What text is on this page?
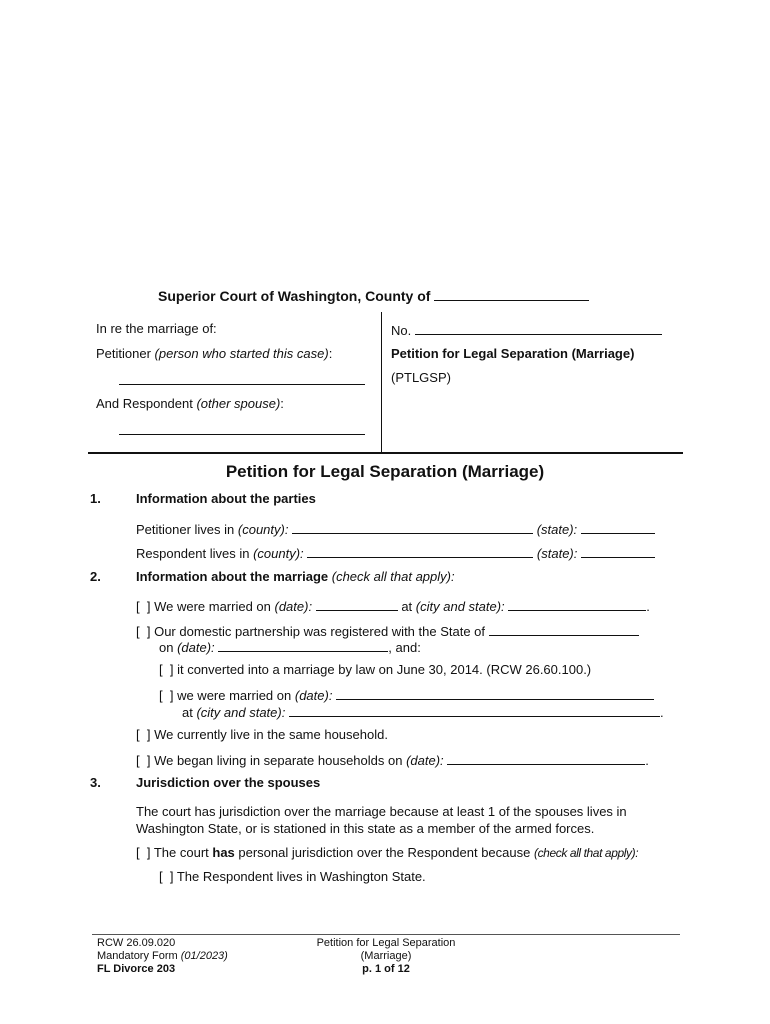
Superior Court of Washington, County of
In re the marriage of:
Petitioner (person who started this case):
And Respondent (other spouse):
No.
Petition for Legal Separation (Marriage)
(PTLGSP)
Petition for Legal Separation (Marriage)
1.	Information about the parties
Petitioner lives in (county):	(state):
Respondent lives in (county):	(state):
2.	Information about the marriage (check all that apply):
[  ] We were married on (date):	at (city and state):	.
[  ] Our domestic partnership was registered with the State of
on (date):	, and:
[  ] it converted into a marriage by law on June 30, 2014. (RCW 26.60.100.)
[  ] we were married on (date):
at (city and state):	.
[  ] We currently live in the same household.
[  ] We began living in separate households on (date):	.
3.	Jurisdiction over the spouses
The court has jurisdiction over the marriage because at least 1 of the spouses lives in
Washington State, or is stationed in this state as a member of the armed forces.
[  ] The court has personal jurisdiction over the Respondent because (check all that apply):
[  ] The Respondent lives in Washington State.
RCW 26.09.020
Mandatory Form (01/2023)
FL Divorce 203
Petition for Legal Separation
(Marriage)
p. 1 of 12
